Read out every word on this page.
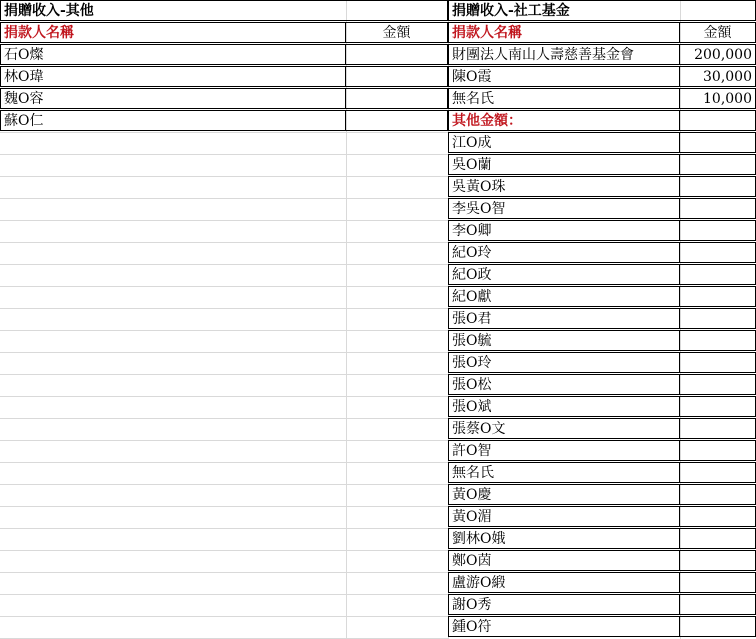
捐贈收入-其他
捐款人名稱	金額
石O燦
林O瑋
魏O容
蘇O仁
捐贈收入-社工基金
捐款人名稱	金額
財團法人南山人壽慈善基金會	200,000
陳O霞	30,000
無名氏	10,000
其他金額：
江O成
吳O蘭
吳黃O珠
李吳O智
李O卿
紀O玲
紀O政
紀O獻
張O君
張O毓
張O玲
張O松
張O斌
張蔡O文
許O智
無名氏
黃O慶
黃O湄
劉林O娥
鄭O茵
盧游O緞
謝O秀
鍾O符
